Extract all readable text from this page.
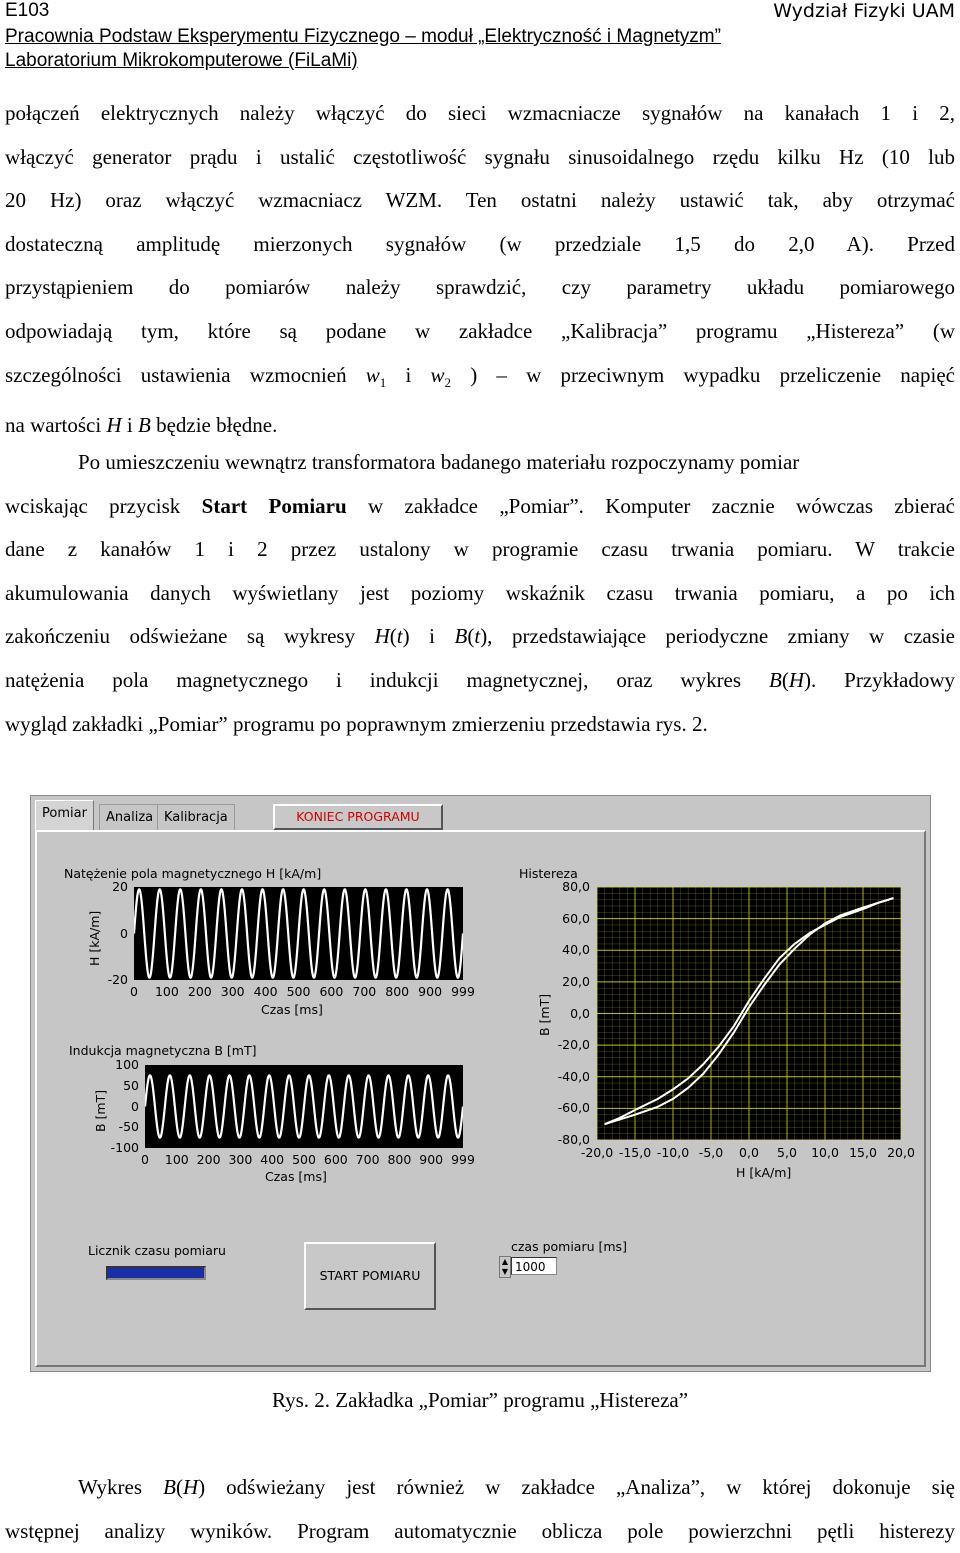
E103	Wydział Fizyki UAM
Pracownia Podstaw Eksperymentu Fizycznego – moduł „Elektryczność i Magnetyzm”
Laboratorium Mikrokomputerowe (FiLaMi)
połączeń elektrycznych należy włączyć do sieci wzmacniacze sygnałów na kanałach 1 i 2,
włączyć generator prądu i ustalić częstotliwość sygnału sinusoidalnego rzędu kilku Hz (10 lub
20 Hz) oraz włączyć wzmacniacz WZM. Ten ostatni należy ustawić tak, aby otrzymać
dostateczną amplitudę mierzonych sygnałów (w przedziale 1,5 do 2,0 A). Przed
przystąpieniem do pomiarów należy sprawdzić, czy parametry układu pomiarowego
odpowiadają tym, które są podane w zakładce „Kalibracja” programu „Histereza” (w
szczególności ustawienia wzmocnień $w_1$ i $w_2$ ) – w przeciwnym wypadku przeliczenie napięć
na wartości H i B będzie błędne.
Po umieszczeniu wewnątrz transformatora badanego materiału rozpoczynamy pomiar
wciskając przycisk Start Pomiaru w zakładce „Pomiar”. Komputer zacznie wówczas zbierać
dane z kanałów 1 i 2 przez ustalony w programie czasu trwania pomiaru. W trakcie
akumulowania danych wyświetlany jest poziomy wskaźnik czasu trwania pomiaru, a po ich
zakończeniu odświeżane są wykresy H(t) i B(t), przedstawiające periodyczne zmiany w czasie
natężenia pola magnetycznego i indukcji magnetycznej, oraz wykres B(H). Przykładowy
wygląd zakładki „Pomiar” programu po poprawnym zmierzeniu przedstawia rys. 2.
Pomiar	Analiza Kalibracja	KONIEC PROGRAMU
Natężenie pola magnetycznego H [kA/m]
H [kA/m]
Czas [ms]
Indukcja magnetyczna B [mT]
B [mT]
Czas [ms]
Histereza
B [mT]
H [kA/m]
Licznik czasu pomiaru
START POMIARU
czas pomiaru [ms]
▲
▼ 1000
0 100 200 300 400 500 600 700 800 900 999
20
0
-20
0 100 200 300 400 500 600 700 800 900 999
100
50
0
-50
-100	-20,0 -15,0 -10,0 -5,0 0,0 5,0 10,0 15,0 20,0
80,0
60,0
40,0
20,0
0,0
-20,0
-40,0
-60,0
-80,0
Rys. 2. Zakładka „Pomiar” programu „Histereza”
Wykres B(H) odświeżany jest również w zakładce „Analiza”, w której dokonuje się
wstępnej analizy wyników. Program automatycznie oblicza pole powierzchni pętli histerezy
